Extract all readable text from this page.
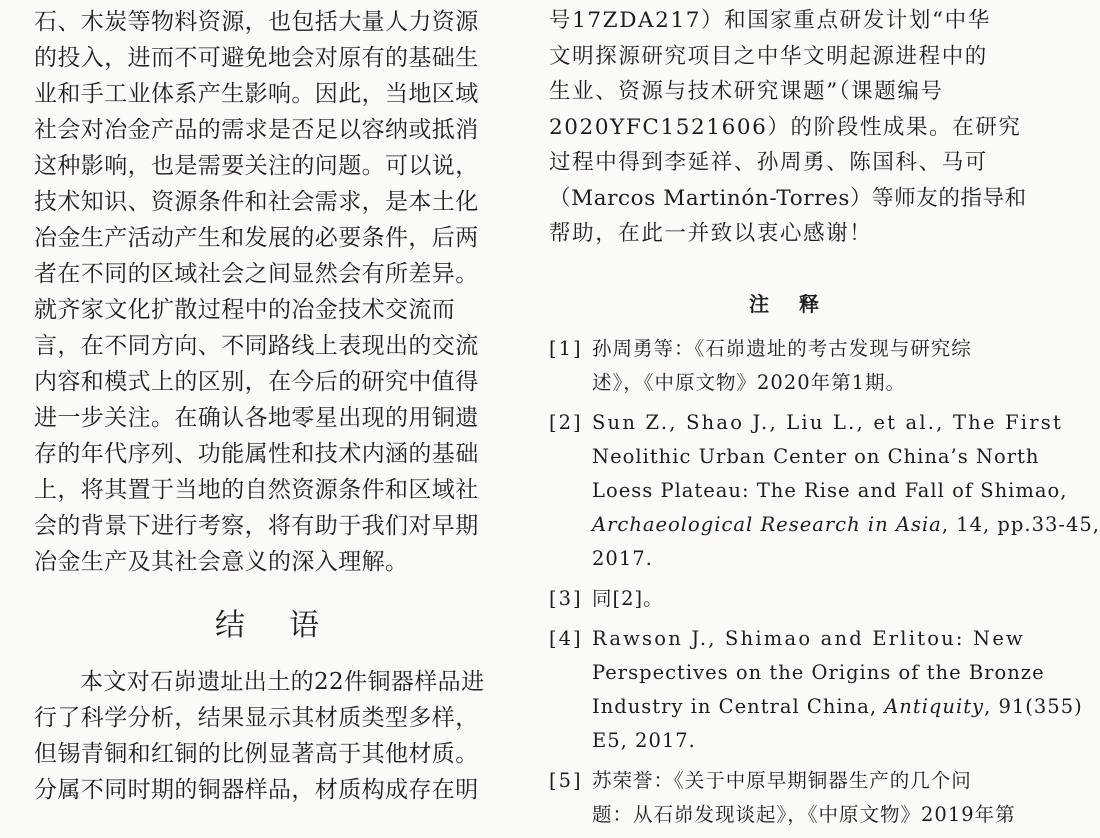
石、木炭等物料资源，也包括大量人力资源
的投入，进而不可避免地会对原有的基础生
业和手工业体系产生影响。因此，当地区域
社会对冶金产品的需求是否足以容纳或抵消
这种影响，也是需要关注的问题。可以说，
技术知识、资源条件和社会需求，是本土化
冶金生产活动产生和发展的必要条件，后两
者在不同的区域社会之间显然会有所差异。
就齐家文化扩散过程中的冶金技术交流而
言，在不同方向、不同路线上表现出的交流
内容和模式上的区别，在今后的研究中值得
进一步关注。在确认各地零星出现的用铜遗
存的年代序列、功能属性和技术内涵的基础
上，将其置于当地的自然资源条件和区域社
会的背景下进行考察，将有助于我们对早期
冶金生产及其社会意义的深入理解。
结语
本文对石峁遗址出土的22件铜器样品进
行了科学分析，结果显示其材质类型多样，
但锡青铜和红铜的比例显著高于其他材质。
分属不同时期的铜器样品，材质构成存在明
号17ZDA217）和国家重点研发计划“中华
文明探源研究项目之中华文明起源进程中的
生业、资源与技术研究课题”（课题编号
2020YFC1521606）的阶段性成果。在研究
过程中得到李延祥、孙周勇、陈国科、马可
（Marcos Martinón-Torres）等师友的指导和
帮助，在此一并致以衷心感谢！
注释
[1] 孙周勇等：《石峁遗址的考古发现与研究综
述》，《中原文物》2020年第1期。
[2] Sun Z., Shao J., Liu L., et al., The First
Neolithic Urban Center on China’s North
Loess Plateau: The Rise and Fall of Shimao,
Archaeological Research in Asia, 14, pp.33-45,
2017.
[3] 同[2]。
[4] Rawson J., Shimao and Erlitou: New
Perspectives on the Origins of the Bronze
Industry in Central China, Antiquity, 91(355)
E5, 2017.
[5] 苏荣誉：《关于中原早期铜器生产的几个问
题：从石峁发现谈起》，《中原文物》2019年第
